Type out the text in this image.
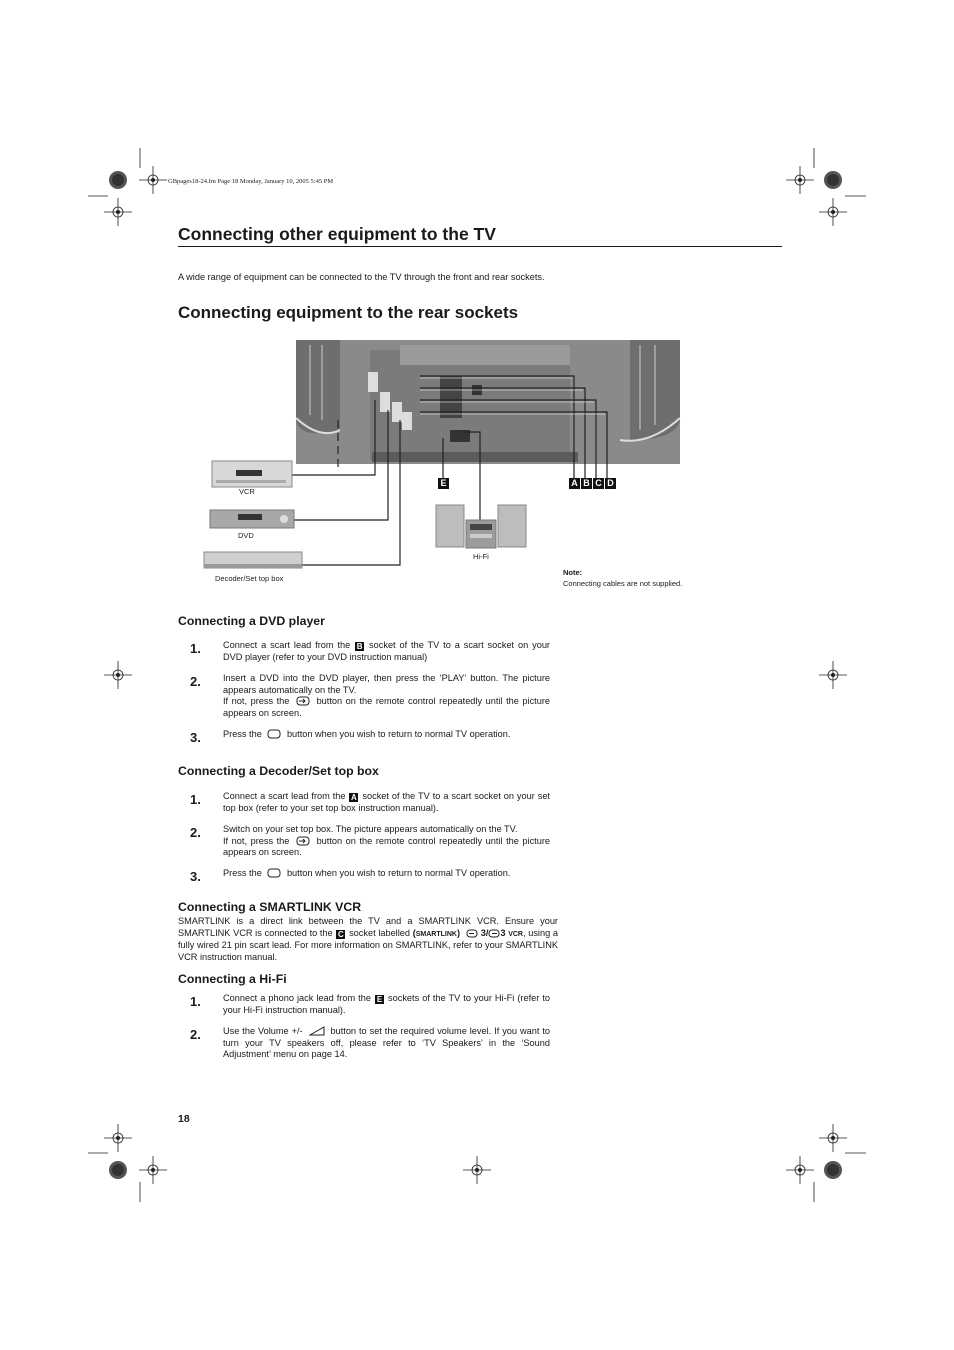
GBpages18-24.fm Page 18 Monday, January 10, 2005 5:45 PM
Connecting other equipment to the TV
A wide range of equipment can be connected to the TV through the front and rear sockets.
Connecting equipment to the rear sockets
VCR
DVD
Decoder/Set top box
Hi-Fi
E	A B C D
Note:
Connecting cables are not supplied.
Connecting a DVD player
1. Connect a scart lead from the B socket of the TV to a scart socket on your DVD player (refer to your DVD instruction manual)
2. Insert a DVD into the DVD player, then press the ‘PLAY’ button. The picture appears automatically on the TV.
If not, press the	button on the remote control repeatedly until the picture appears on screen.
3. Press the	button when you wish to return to normal TV operation.
Connecting a Decoder/Set top box
1. Connect a scart lead from the A socket of the TV to a scart socket on your set top box (refer to your set top box instruction manual).
2. Switch on your set top box. The picture appears automatically on the TV.
If not, press the	button on the remote control repeatedly until the picture appears on screen.
3. Press the	button when you wish to return to normal TV operation.
Connecting a SMARTLINK VCR
SMARTLINK is a direct link between the TV and a SMARTLINK VCR. Ensure your SMARTLINK VCR is connected to the C socket labelled (SMARTLINK) 3/ 3 VCR, using a fully wired 21 pin scart lead. For more information on SMARTLINK, refer to your SMARTLINK VCR instruction manual.
Connecting a Hi-Fi
1. Connect a phono jack lead from the E sockets of the TV to your Hi-Fi (refer to your Hi-Fi instruction manual).
2. Use the Volume +/-	button to set the required volume level. If you want to turn your TV speakers off, please refer to ‘TV Speakers’ in the ‘Sound Adjustment’ menu on page 14.
18
